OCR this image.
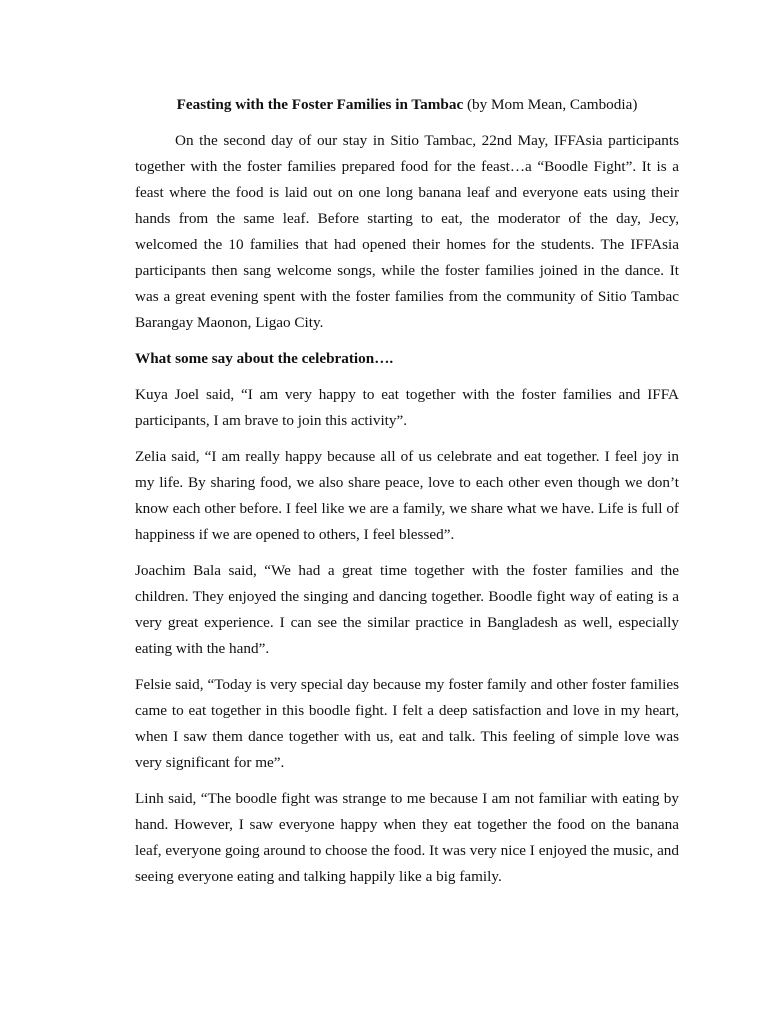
Feasting with the Foster Families in Tambac (by Mom Mean, Cambodia)

On the second day of our stay in Sitio Tambac, 22nd May, IFFAsia participants together with the foster families prepared food for the feast…a “Boodle Fight”. It is a feast where the food is laid out on one long banana leaf and everyone eats using their hands from the same leaf. Before starting to eat, the moderator of the day, Jecy, welcomed the 10 families that had opened their homes for the students. The IFFAsia participants then sang welcome songs, while the foster families joined in the dance. It was a great evening spent with the foster families from the community of Sitio Tambac Barangay Maonon, Ligao City.

What some say about the celebration….

Kuya Joel said, “I am very happy to eat together with the foster families and IFFA participants, I am brave to join this activity”.

Zelia said, “I am really happy because all of us celebrate and eat together. I feel joy in my life. By sharing food, we also share peace, love to each other even though we don’t know each other before. I feel like we are a family, we share what we have. Life is full of happiness if we are opened to others, I feel blessed”.

Joachim Bala said, “We had a great time together with the foster families and the children. They enjoyed the singing and dancing together. Boodle fight way of eating is a very great experience. I can see the similar practice in Bangladesh as well, especially eating with the hand”.

Felsie said, “Today is very special day because my foster family and other foster families came to eat together in this boodle fight. I felt a deep satisfaction and love in my heart, when I saw them dance together with us, eat and talk. This feeling of simple love was very significant for me”.

Linh said, “The boodle fight was strange to me because I am not familiar with eating by hand. However, I saw everyone happy when they eat together the food on the banana leaf, everyone going around to choose the food. It was very nice I enjoyed the music, and seeing everyone eating and talking happily like a big family.
